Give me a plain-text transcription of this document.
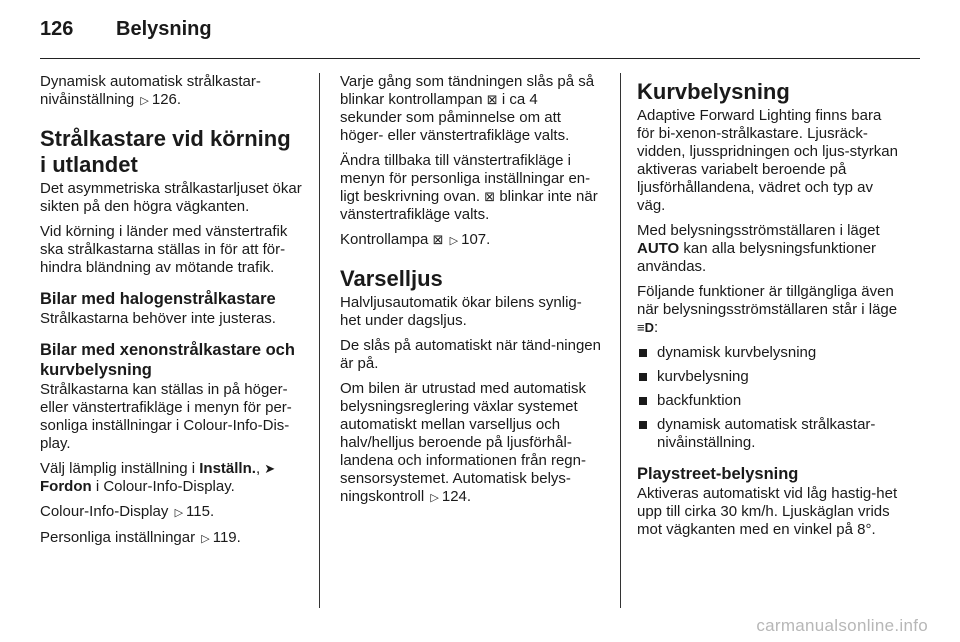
126	Belysning

Dynamisk automatisk strålkastar-nivåinställning ▷ 126.

Strålkastare vid körning i utlandet

Det asymmetriska strålkastarljuset ökar sikten på den högra vägkanten.

Vid körning i länder med vänstertrafik ska strålkastarna ställas in för att för-hindra bländning av mötande trafik.

Bilar med halogenstrålkastare

Strålkastarna behöver inte justeras.

Bilar med xenonstrålkastare och kurvbelysning

Strålkastarna kan ställas in på höger- eller vänstertrafikläge i menyn för per-sonliga inställningar i Colour-Info-Dis-play.

Välj lämplig inställning i Inställn., ➤ Fordon i Colour-Info-Display.

Colour-Info-Display ▷ 115.

Personliga inställningar ▷ 119.

Varje gång som tändningen slås på så blinkar kontrollampan ⊠ i ca 4 sekunder som påminnelse om att höger- eller vänstertrafikläge valts.

Ändra tillbaka till vänstertrafikläge i menyn för personliga inställningar en-ligt beskrivning ovan. ⊠ blinkar inte när vänstertrafikläge valts.

Kontrollampa ⊠ ▷ 107.

Varselljus

Halvljusautomatik ökar bilens synlig-het under dagsljus.

De slås på automatiskt när tänd-ningen är på.

Om bilen är utrustad med automatisk belysningsreglering växlar systemet automatiskt mellan varselljus och halv/helljus beroende på ljusförhål-landena och informationen från regn-sensorsystemet. Automatisk belys-ningskontroll ▷ 124.

Kurvbelysning

Adaptive Forward Lighting finns bara för bi-xenon-strålkastare. Ljusräck-vidden, ljusspridningen och ljus-styrkan aktiveras variabelt beroende på ljusförhållandena, vädret och typ av väg.

Med belysningsströmställaren i läget AUTO kan alla belysningsfunktioner användas.

Följande funktioner är tillgängliga även när belysningsströmställaren står i läge ≡D:

dynamisk kurvbelysning
kurvbelysning
backfunktion
dynamisk automatisk strålkastar-nivåinställning.
Playstreet-belysning

Aktiveras automatiskt vid låg hastig-het upp till cirka 30 km/h. Ljuskäglan vrids mot vägkanten med en vinkel på 8°.

carmanualsonline.info
